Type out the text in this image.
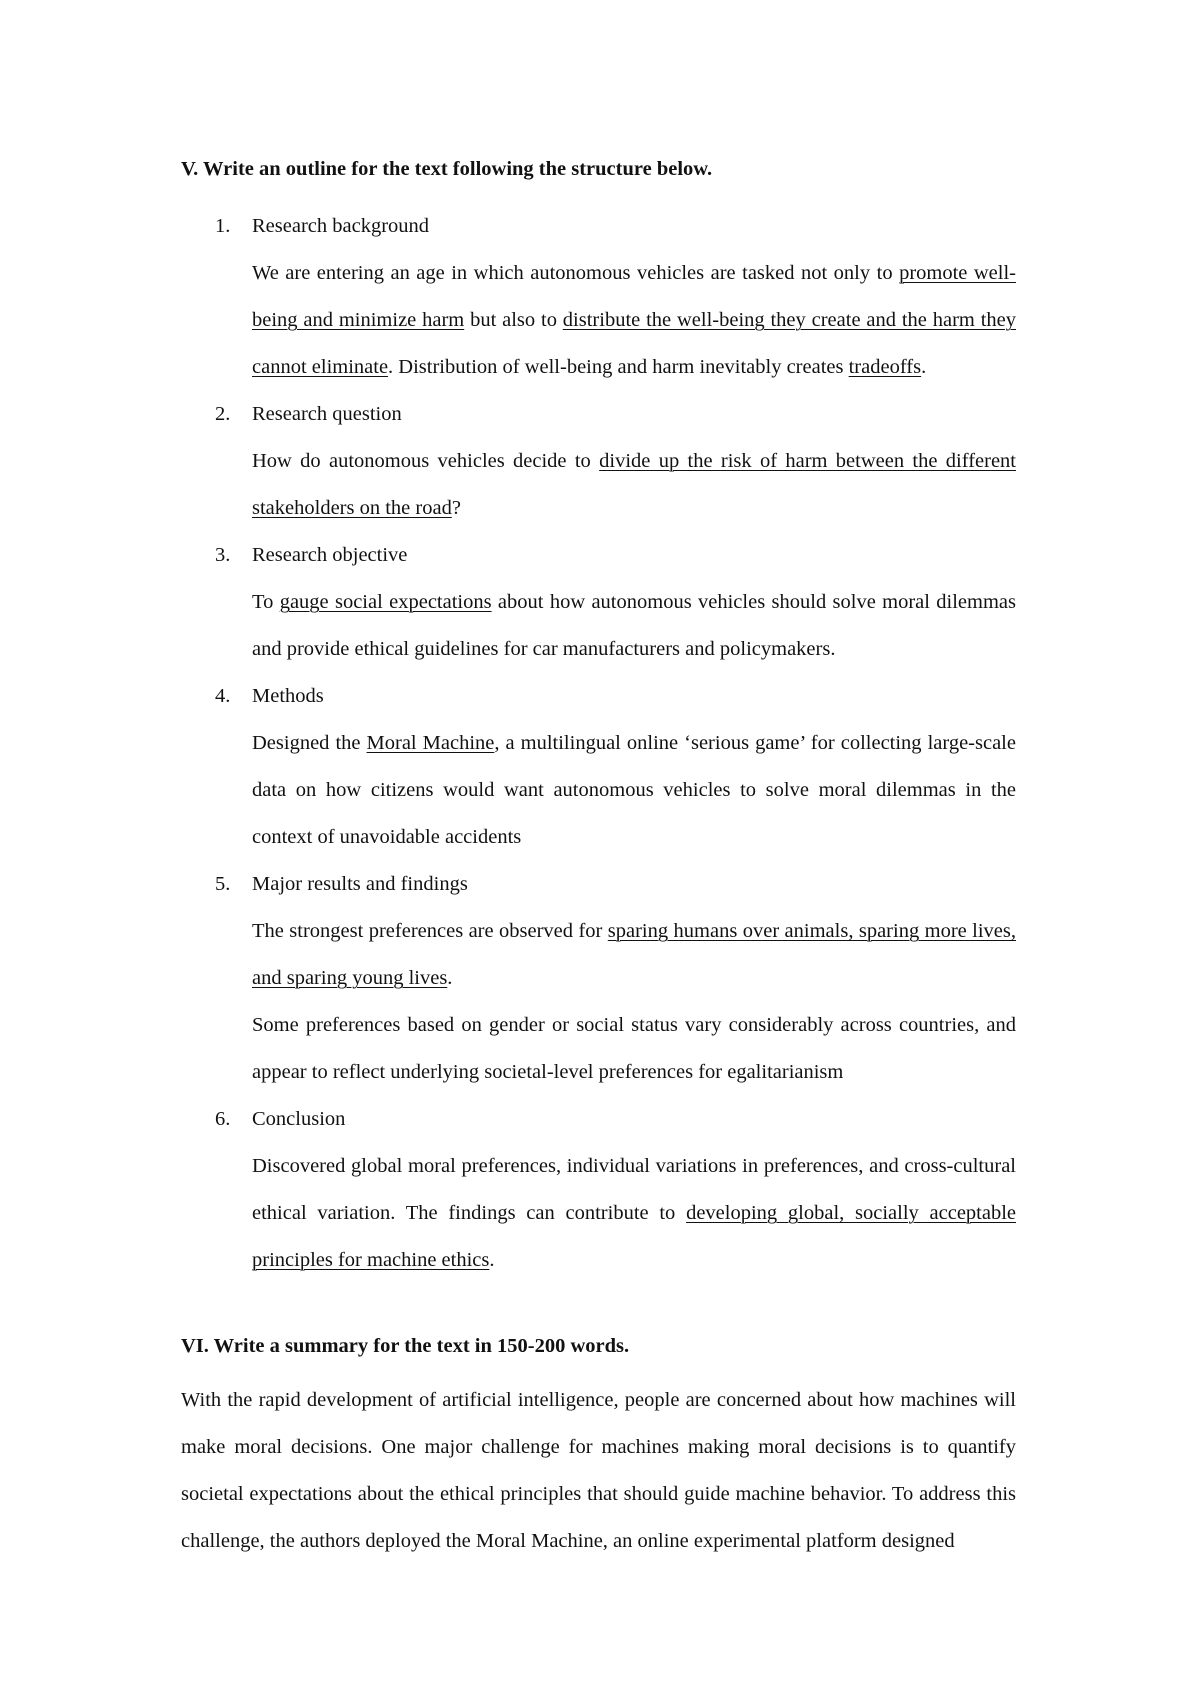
V. Write an outline for the text following the structure below.
1.	Research background

We are entering an age in which autonomous vehicles are tasked not only to promote well-being and minimize harm but also to distribute the well-being they create and the harm they cannot eliminate. Distribution of well-being and harm inevitably creates tradeoffs.

2.	Research question

How do autonomous vehicles decide to divide up the risk of harm between the different stakeholders on the road?

3.	Research objective

To gauge social expectations about how autonomous vehicles should solve moral dilemmas and provide ethical guidelines for car manufacturers and policymakers.

4.	Methods

Designed the Moral Machine, a multilingual online ‘serious game’ for collecting large-scale data on how citizens would want autonomous vehicles to solve moral dilemmas in the context of unavoidable accidents

5.	Major results and findings

The strongest preferences are observed for sparing humans over animals, sparing more lives, and sparing young lives.

Some preferences based on gender or social status vary considerably across countries, and appear to reflect underlying societal-level preferences for egalitarianism

6.	Conclusion

Discovered global moral preferences, individual variations in preferences, and cross-cultural ethical variation. The findings can contribute to developing global, socially acceptable principles for machine ethics.

VI. Write a summary for the text in 150-200 words.

With the rapid development of artificial intelligence, people are concerned about how machines will make moral decisions. One major challenge for machines making moral decisions is to quantify societal expectations about the ethical principles that should guide machine behavior. To address this challenge, the authors deployed the Moral Machine, an online experimental platform designed
